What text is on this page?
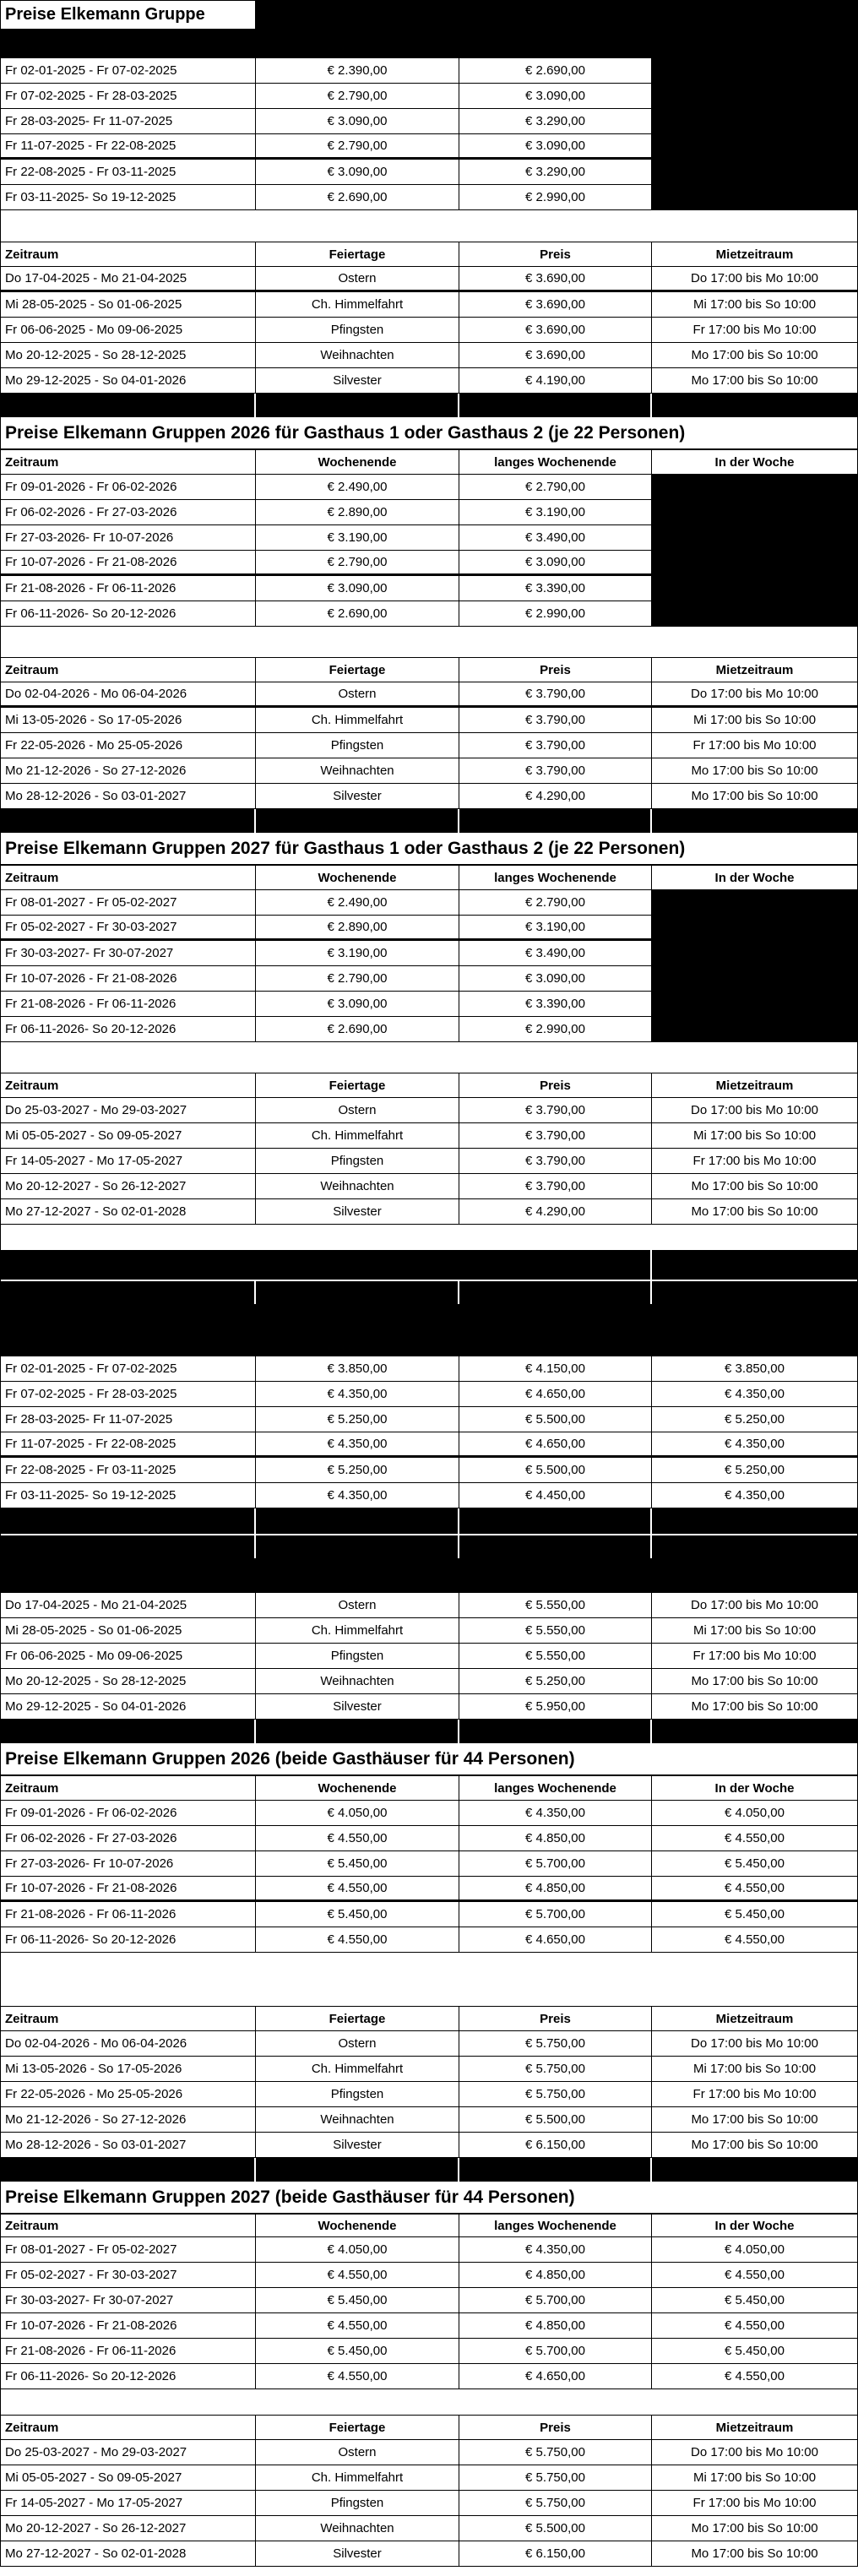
Preise Elkemann Gruppe
Fr 02-01-2025 - Fr 07-02-2025	€ 2.390,00	€ 2.690,00
Fr 07-02-2025 - Fr 28-03-2025	€ 2.790,00	€ 3.090,00
Fr 28-03-2025- Fr 11-07-2025	€ 3.090,00	€ 3.290,00
Fr 11-07-2025 - Fr 22-08-2025	€ 2.790,00	€ 3.090,00
Fr 22-08-2025 - Fr 03-11-2025	€ 3.090,00	€ 3.290,00
Fr 03-11-2025- So 19-12-2025	€ 2.690,00	€ 2.990,00
Zeitraum	Feiertage	Preis	Mietzeitraum
Do 17-04-2025 - Mo 21-04-2025	Ostern	€ 3.690,00	Do 17:00 bis Mo 10:00
Mi 28-05-2025 - So 01-06-2025	Ch. Himmelfahrt	€ 3.690,00	Mi 17:00 bis So 10:00
Fr 06-06-2025 - Mo 09-06-2025	Pfingsten	€ 3.690,00	Fr 17:00 bis Mo 10:00
Mo 20-12-2025 - So 28-12-2025	Weihnachten	€ 3.690,00	Mo 17:00 bis So 10:00
Mo 29-12-2025 - So 04-01-2026	Silvester	€ 4.190,00	Mo 17:00 bis So 10:00
Preise Elkemann Gruppen 2026 für Gasthaus 1 oder Gasthaus 2 (je 22 Personen)
Zeitraum	Wochenende	langes Wochenende	In der Woche
Fr 09-01-2026 - Fr 06-02-2026	€ 2.490,00	€ 2.790,00
Fr 06-02-2026 - Fr 27-03-2026	€ 2.890,00	€ 3.190,00
Fr 27-03-2026- Fr 10-07-2026	€ 3.190,00	€ 3.490,00
Fr 10-07-2026 - Fr 21-08-2026	€ 2.790,00	€ 3.090,00
Fr 21-08-2026 - Fr 06-11-2026	€ 3.090,00	€ 3.390,00
Fr 06-11-2026- So 20-12-2026	€ 2.690,00	€ 2.990,00
Zeitraum	Feiertage	Preis	Mietzeitraum
Do 02-04-2026 - Mo 06-04-2026	Ostern	€ 3.790,00	Do 17:00 bis Mo 10:00
Mi 13-05-2026 - So 17-05-2026	Ch. Himmelfahrt	€ 3.790,00	Mi 17:00 bis So 10:00
Fr 22-05-2026 - Mo 25-05-2026	Pfingsten	€ 3.790,00	Fr 17:00 bis Mo 10:00
Mo 21-12-2026 - So 27-12-2026	Weihnachten	€ 3.790,00	Mo 17:00 bis So 10:00
Mo 28-12-2026 - So 03-01-2027	Silvester	€ 4.290,00	Mo 17:00 bis So 10:00
Preise Elkemann Gruppen 2027 für Gasthaus 1 oder Gasthaus 2 (je 22 Personen)
Zeitraum	Wochenende	langes Wochenende	In der Woche
Fr 08-01-2027 - Fr 05-02-2027	€ 2.490,00	€ 2.790,00
Fr 05-02-2027 - Fr 30-03-2027	€ 2.890,00	€ 3.190,00
Fr 30-03-2027- Fr 30-07-2027	€ 3.190,00	€ 3.490,00
Fr 10-07-2026 - Fr 21-08-2026	€ 2.790,00	€ 3.090,00
Fr 21-08-2026 - Fr 06-11-2026	€ 3.090,00	€ 3.390,00
Fr 06-11-2026- So 20-12-2026	€ 2.690,00	€ 2.990,00
Zeitraum	Feiertage	Preis	Mietzeitraum
Do 25-03-2027 - Mo 29-03-2027	Ostern	€ 3.790,00	Do 17:00 bis Mo 10:00
Mi 05-05-2027 - So 09-05-2027	Ch. Himmelfahrt	€ 3.790,00	Mi 17:00 bis So 10:00
Fr 14-05-2027 - Mo 17-05-2027	Pfingsten	€ 3.790,00	Fr 17:00 bis Mo 10:00
Mo 20-12-2027 - So 26-12-2027	Weihnachten	€ 3.790,00	Mo 17:00 bis So 10:00
Mo 27-12-2027 - So 02-01-2028	Silvester	€ 4.290,00	Mo 17:00 bis So 10:00
Fr 02-01-2025 - Fr 07-02-2025	€ 3.850,00	€ 4.150,00	€ 3.850,00
Fr 07-02-2025 - Fr 28-03-2025	€ 4.350,00	€ 4.650,00	€ 4.350,00
Fr 28-03-2025- Fr 11-07-2025	€ 5.250,00	€ 5.500,00	€ 5.250,00
Fr 11-07-2025 - Fr 22-08-2025	€ 4.350,00	€ 4.650,00	€ 4.350,00
Fr 22-08-2025 - Fr 03-11-2025	€ 5.250,00	€ 5.500,00	€ 5.250,00
Fr 03-11-2025- So 19-12-2025	€ 4.350,00	€ 4.450,00	€ 4.350,00
Do 17-04-2025 - Mo 21-04-2025	Ostern	€ 5.550,00	Do 17:00 bis Mo 10:00
Mi 28-05-2025 - So 01-06-2025	Ch. Himmelfahrt	€ 5.550,00	Mi 17:00 bis So 10:00
Fr 06-06-2025 - Mo 09-06-2025	Pfingsten	€ 5.550,00	Fr 17:00 bis Mo 10:00
Mo 20-12-2025 - So 28-12-2025	Weihnachten	€ 5.250,00	Mo 17:00 bis So 10:00
Mo 29-12-2025 - So 04-01-2026	Silvester	€ 5.950,00	Mo 17:00 bis So 10:00
Preise Elkemann Gruppen 2026 (beide Gasthäuser für 44 Personen)
Zeitraum	Wochenende	langes Wochenende	In der Woche
Fr 09-01-2026 - Fr 06-02-2026	€ 4.050,00	€ 4.350,00	€ 4.050,00
Fr 06-02-2026 - Fr 27-03-2026	€ 4.550,00	€ 4.850,00	€ 4.550,00
Fr 27-03-2026- Fr 10-07-2026	€ 5.450,00	€ 5.700,00	€ 5.450,00
Fr 10-07-2026 - Fr 21-08-2026	€ 4.550,00	€ 4.850,00	€ 4.550,00
Fr 21-08-2026 - Fr 06-11-2026	€ 5.450,00	€ 5.700,00	€ 5.450,00
Fr 06-11-2026- So 20-12-2026	€ 4.550,00	€ 4.650,00	€ 4.550,00
Zeitraum	Feiertage	Preis	Mietzeitraum
Do 02-04-2026 - Mo 06-04-2026	Ostern	€ 5.750,00	Do 17:00 bis Mo 10:00
Mi 13-05-2026 - So 17-05-2026	Ch. Himmelfahrt	€ 5.750,00	Mi 17:00 bis So 10:00
Fr 22-05-2026 - Mo 25-05-2026	Pfingsten	€ 5.750,00	Fr 17:00 bis Mo 10:00
Mo 21-12-2026 - So 27-12-2026	Weihnachten	€ 5.500,00	Mo 17:00 bis So 10:00
Mo 28-12-2026 - So 03-01-2027	Silvester	€ 6.150,00	Mo 17:00 bis So 10:00
Preise Elkemann Gruppen 2027 (beide Gasthäuser für 44 Personen)
Zeitraum	Wochenende	langes Wochenende	In der Woche
Fr 08-01-2027 - Fr 05-02-2027	€ 4.050,00	€ 4.350,00	€ 4.050,00
Fr 05-02-2027 - Fr 30-03-2027	€ 4.550,00	€ 4.850,00	€ 4.550,00
Fr 30-03-2027- Fr 30-07-2027	€ 5.450,00	€ 5.700,00	€ 5.450,00
Fr 10-07-2026 - Fr 21-08-2026	€ 4.550,00	€ 4.850,00	€ 4.550,00
Fr 21-08-2026 - Fr 06-11-2026	€ 5.450,00	€ 5.700,00	€ 5.450,00
Fr 06-11-2026- So 20-12-2026	€ 4.550,00	€ 4.650,00	€ 4.550,00
Zeitraum	Feiertage	Preis	Mietzeitraum
Do 25-03-2027 - Mo 29-03-2027	Ostern	€ 5.750,00	Do 17:00 bis Mo 10:00
Mi 05-05-2027 - So 09-05-2027	Ch. Himmelfahrt	€ 5.750,00	Mi 17:00 bis So 10:00
Fr 14-05-2027 - Mo 17-05-2027	Pfingsten	€ 5.750,00	Fr 17:00 bis Mo 10:00
Mo 20-12-2027 - So 26-12-2027	Weihnachten	€ 5.500,00	Mo 17:00 bis So 10:00
Mo 27-12-2027 - So 02-01-2028	Silvester	€ 6.150,00	Mo 17:00 bis So 10:00
